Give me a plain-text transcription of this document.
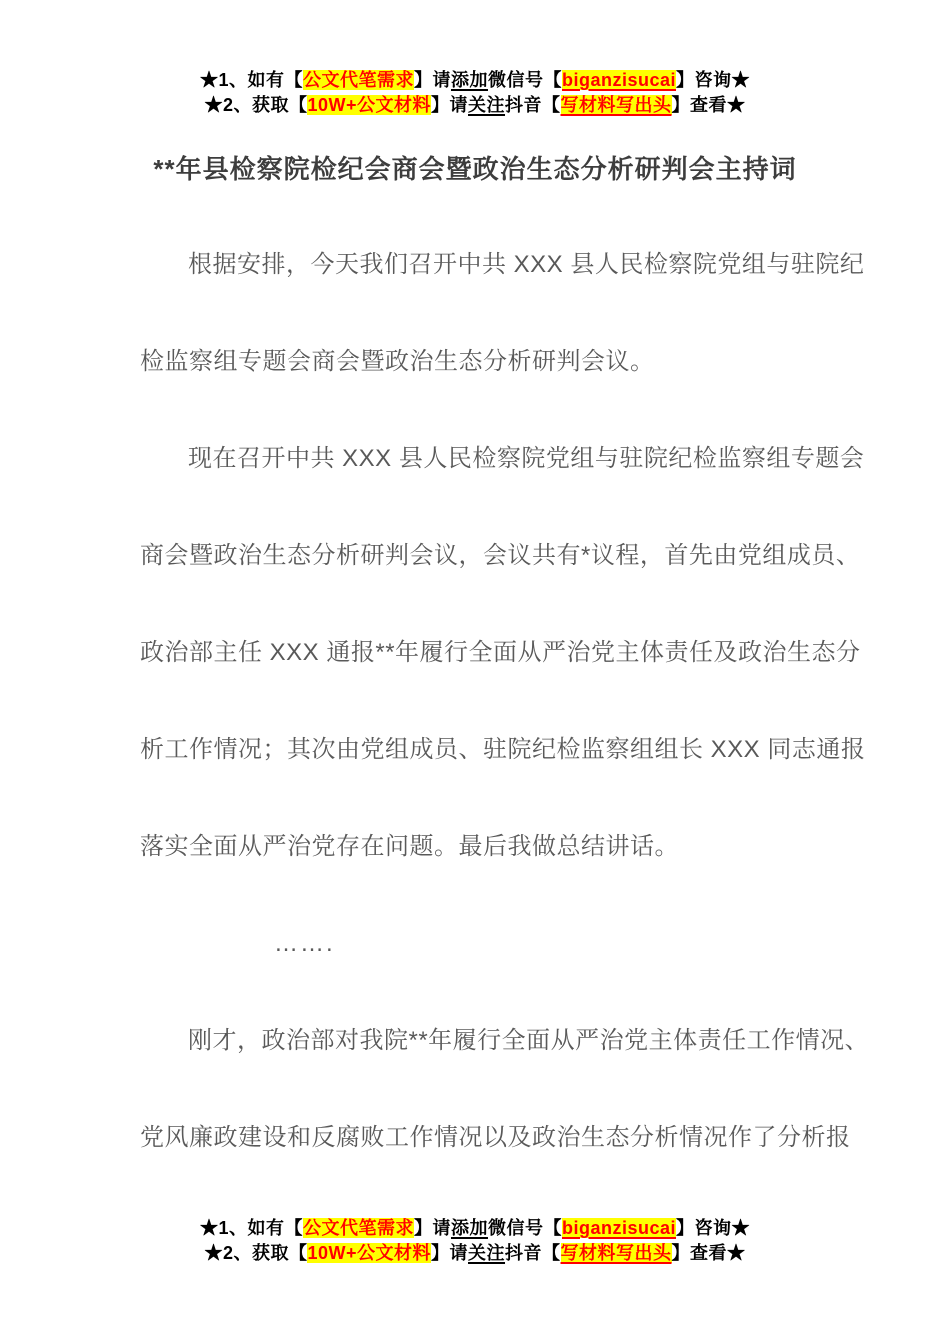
★1、如有【公文代笔需求】请添加微信号【biganzisucai】咨询★
★2、获取【10W+公文材料】请关注抖音【写材料写出头】查看★
**年县检察院检纪会商会暨政治生态分析研判会主持词
根据安排，今天我们召开中共 XXX 县人民检察院党组与驻院纪
检监察组专题会商会暨政治生态分析研判会议。
现在召开中共 XXX 县人民检察院党组与驻院纪检监察组专题会
商会暨政治生态分析研判会议，会议共有*议程，首先由党组成员、
政治部主任 XXX 通报**年履行全面从严治党主体责任及政治生态分
析工作情况；其次由党组成员、驻院纪检监察组组长 XXX 同志通报
落实全面从严治党存在问题。最后我做总结讲话。
…….
刚才，政治部对我院**年履行全面从严治党主体责任工作情况、
党风廉政建设和反腐败工作情况以及政治生态分析情况作了分析报
★1、如有【公文代笔需求】请添加微信号【biganzisucai】咨询★
★2、获取【10W+公文材料】请关注抖音【写材料写出头】查看★
